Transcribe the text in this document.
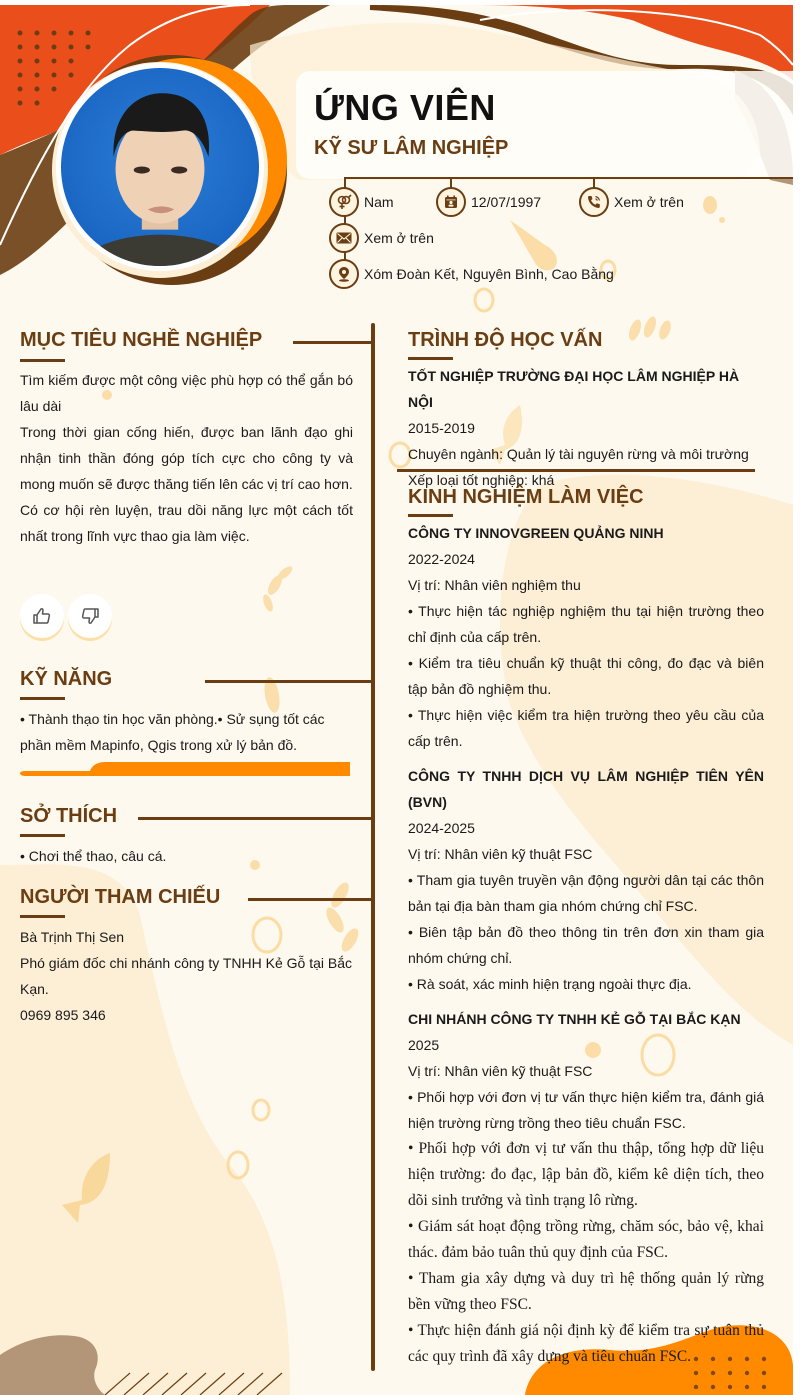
ỨNG VIÊN
KỸ SƯ LÂM NGHIỆP
Nam	12/07/1997	Xem ở trên
Xem ở trên
Xóm Đoàn Kết, Nguyên Bình, Cao Bằng
MỤC TIÊU NGHỀ NGHIỆP

Tìm kiếm được một công việc phù hợp có thể gắn bó lâu dài

Trong thời gian cống hiến, được ban lãnh đạo ghi nhận tinh thần đóng góp tích cực cho công ty và mong muốn sẽ được thăng tiến lên các vị trí cao hơn.

Có cơ hội rèn luyện, trau dồi năng lực một cách tốt nhất trong lĩnh vực thao gia làm việc.

KỸ NĂNG
• Thành thạo tin học văn phòng.• Sử sụng tốt các phần mềm Mapinfo, Qgis trong xử lý bản đồ.
SỞ THÍCH
• Chơi thể thao, câu cá.
NGƯỜI THAM CHIẾU

Bà Trịnh Thị Sen

Phó giám đốc chi nhánh công ty TNHH Kẻ Gỗ tại Bắc Kạn.

0969 895 346

TRÌNH ĐỘ HỌC VẤN

TỐT NGHIỆP TRƯỜNG ĐẠI HỌC LÂM NGHIỆP HÀ NỘI

2015-2019

Chuyên ngành: Quản lý tài nguyên rừng và môi trường

Xếp loại tốt nghiệp: khá

KINH NGHIỆM LÀM VIỆC

CÔNG TY INNOVGREEN QUẢNG NINH

2022-2024

Vị trí: Nhân viên nghiệm thu

• Thực hiện tác nghiệp nghiệm thu tại hiện trường theo chỉ định của cấp trên.

• Kiểm tra tiêu chuẩn kỹ thuật thi công, đo đạc và biên tập bản đồ nghiệm thu.

• Thực hiện việc kiểm tra hiện trường theo yêu cầu của cấp trên.

CÔNG TY TNHH DỊCH VỤ LÂM NGHIỆP TIÊN YÊN (BVN)

2024-2025

Vị trí: Nhân viên kỹ thuật FSC

• Tham gia tuyên truyền vận động người dân tại các thôn bản tại địa bàn tham gia nhóm chứng chỉ FSC.

• Biên tập bản đồ theo thông tin trên đơn xin tham gia nhóm chứng chỉ.

• Rà soát, xác minh hiện trạng ngoài thực địa.

CHI NHÁNH CÔNG TY TNHH KẺ GỖ TẠI BẮC KẠN

2025

Vị trí: Nhân viên kỹ thuật FSC

• Phối hợp với đơn vị tư vấn thực hiện kiểm tra, đánh giá hiện trường rừng trồng theo tiêu chuẩn FSC.

• Phối hợp với đơn vị tư vấn thu thập, tổng hợp dữ liệu hiện trường: đo đạc, lập bản đồ, kiểm kê diện tích, theo dõi sinh trưởng và tình trạng lô rừng.

• Giám sát hoạt động trồng rừng, chăm sóc, bảo vệ, khai thác. đảm bảo tuân thủ quy định của FSC.

• Tham gia xây dựng và duy trì hệ thống quản lý rừng bền vững theo FSC.

• Thực hiện đánh giá nội định kỳ để kiểm tra sự tuân thủ các quy trình đã xây dựng và tiêu chuẩn FSC.
